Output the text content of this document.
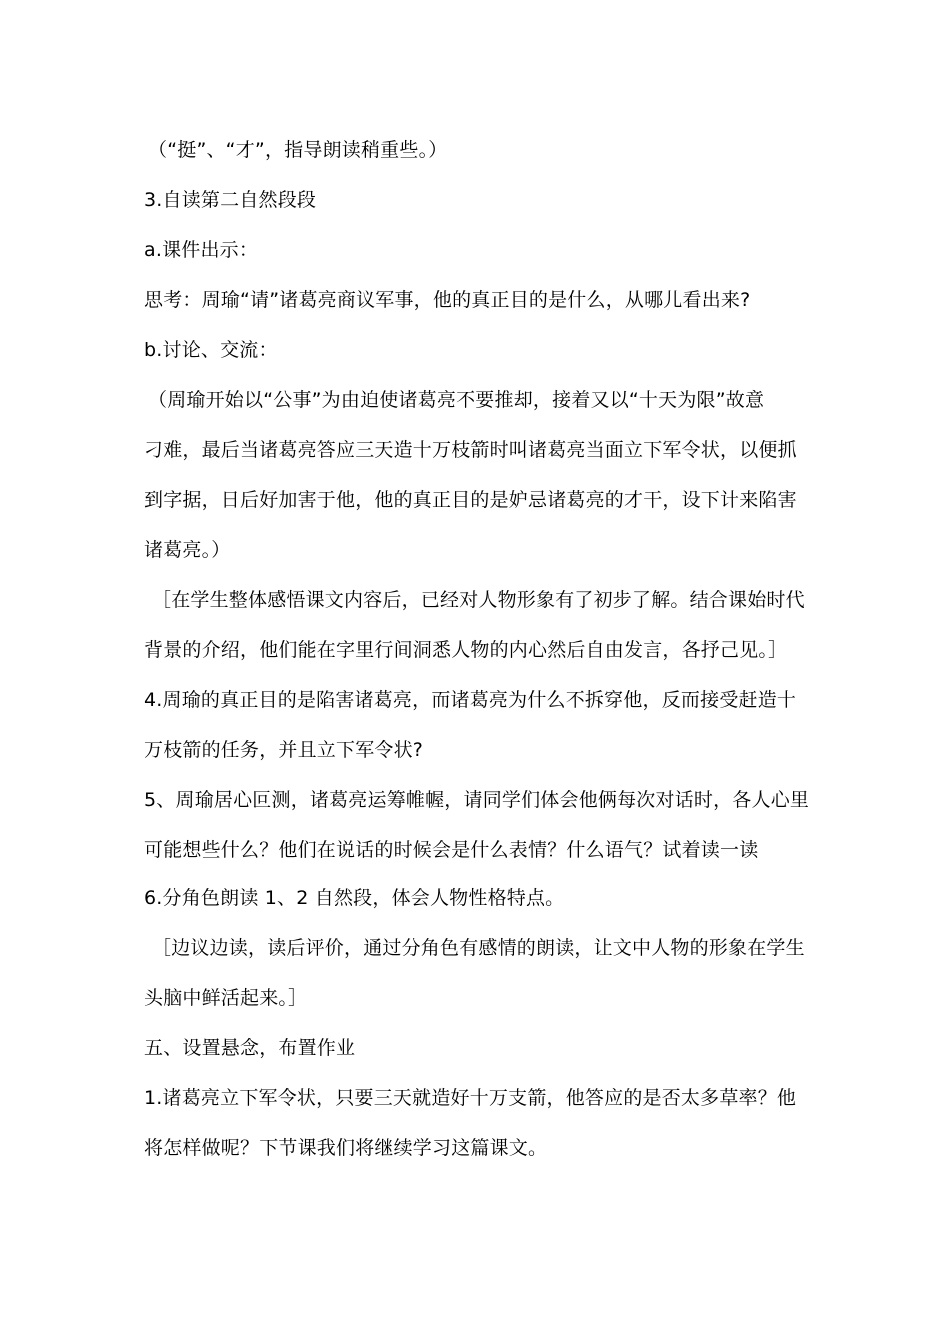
（“挺”、“才”，指导朗读稍重些。）
3.自读第二自然段段
a.课件出示：
思考：周瑜“请”诸葛亮商议军事，他的真正目的是什么，从哪儿看出来?
b.讨论、交流：
（周瑜开始以“公事”为由迫使诸葛亮不要推却，接着又以“十天为限”故意
刁难，最后当诸葛亮答应三天造十万枝箭时叫诸葛亮当面立下军令状，以便抓
到字据，日后好加害于他，他的真正目的是妒忌诸葛亮的才干，设下计来陷害
诸葛亮。）
［在学生整体感悟课文内容后，已经对人物形象有了初步了解。结合课始时代
背景的介绍，他们能在字里行间洞悉人物的内心然后自由发言，各抒己见。］
4.周瑜的真正目的是陷害诸葛亮，而诸葛亮为什么不拆穿他，反而接受赶造十
万枝箭的任务，并且立下军令状?
5、周瑜居心叵测，诸葛亮运筹帷幄，请同学们体会他俩每次对话时，各人心里
可能想些什么？他们在说话的时候会是什么表情？什么语气？试着读一读
6.分角色朗读 1、2 自然段，体会人物性格特点。
［边议边读，读后评价，通过分角色有感情的朗读，让文中人物的形象在学生
头脑中鲜活起来。］
五、设置悬念，布置作业
1.诸葛亮立下军令状，只要三天就造好十万支箭，他答应的是否太多草率？他
将怎样做呢？下节课我们将继续学习这篇课文。
